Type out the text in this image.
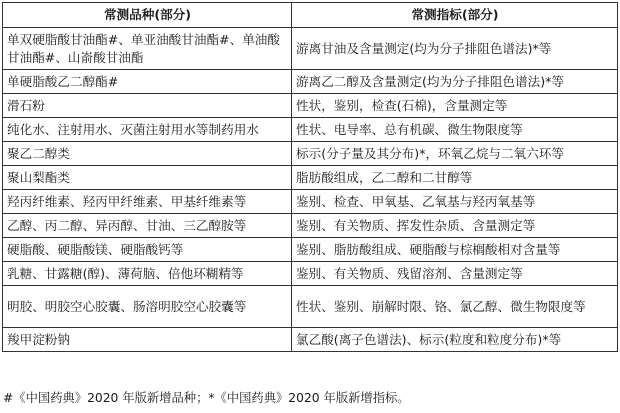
常测品种(部分)	常测指标(部分)
单双硬脂酸甘油酯#、单亚油酸甘油酯#、单油酸甘油酯#、山嵛酸甘油酯	游离甘油及含量测定(均为分子排阻色谱法)*等
单硬脂酸乙二醇酯#	游离乙二醇及含量测定(均为分子排阻色谱法)*等
滑石粉	性状，鉴别，检查(石棉)，含量测定等
纯化水、注射用水、灭菌注射用水等制药用水	性状、电导率、总有机碳、微生物限度等
聚乙二醇类	标示(分子量及其分布)*，环氧乙烷与二氧六环等
聚山梨酯类	脂肪酸组成，乙二醇和二甘醇等
羟丙纤维素、羟丙甲纤维素、甲基纤维素等	鉴别、检查、甲氧基、乙氧基与羟丙氧基等
乙醇、丙二醇、异丙醇、甘油、三乙醇胺等	鉴别、有关物质、挥发性杂质、含量测定等
硬脂酸、硬脂酸镁、硬脂酸钙等	鉴别、脂肪酸组成、硬脂酸与棕榈酸相对含量等
乳糖、甘露糖(醇)、薄荷脑、倍他环糊精等	鉴别、有关物质、残留溶剂、含量测定等
明胶、明胶空心胶囊、肠溶明胶空心胶囊等	性状、鉴别、崩解时限、铬、氯乙醇、微生物限度等
羧甲淀粉钠	氯乙酸(离子色谱法)、标示(粒度和粒度分布)*等
#《中国药典》2020 年版新增品种；*《中国药典》2020 年版新增指标。
